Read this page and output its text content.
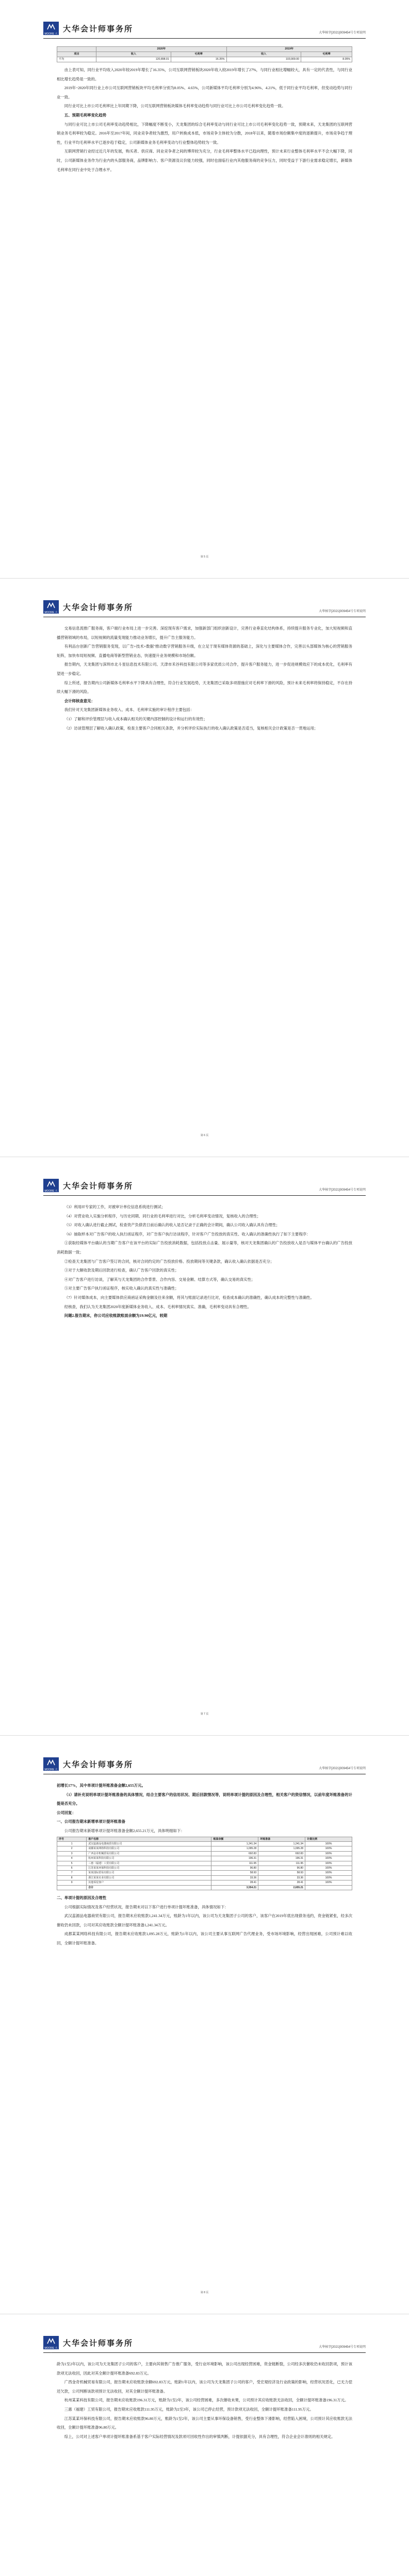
MOORE 大华
大华会计师事务所	大华核字[2021]009454号专项说明
	2020年		2019年	
项目	收入	毛利率	收入	毛利率
平均	120,898.01	16.35%	103,909.00	8.05%

由上表可知，同行业平均收入2020年较2019年增长了16.35%，公司互联网营销板块2020年收入较2019年增长了27%，与同行业相比增幅较大，具有一定的代表性，与同行业相比增长趋势是一致的。

2019年~2020年同行业上市公司互联网营销板块平均毛利率分别为8.05%、4.65%，公司新媒体平均毛利率分别为4.96%、4.21%，低于同行业平均毛利率，但变动趋势与同行业一致。

同行业可比上市公司毛利率比上年同期下降，公司互联网营销板块媒体毛利率变动趋势与同行业可比上市公司毛利率变化趋势一致。

五、预期毛利率变化趋势

与同行业可比上市公司毛利率变动趋势相比，下降幅度不断变小，天龙集团的综合毛利率变动与同行业可比上市公司毛利率变化趋势一致，预期未来，天龙集团的互联网营销业务毛利率较为稳定。2016年至2017年间，同业竞争者较为激烈，用户转换成本低，市场竞争主体较为分散，2018年以来，随着市场份额集中度的逐渐提升，市场竞争趋于理性，行业平均毛利率水平已逐步趋于稳定，公司新媒体业务毛利率变动与行业整体趋势较为一致。

互联网营销行业经过近几年的发展，购买者、供应商、同业竞争者之间的博弈较为充分，行业毛利率整体水平已趋向理性，预计未来行业整体毛利率水平不会大幅下降，同时，公司新媒体业务作为行业内的头部服务商，品牌影响力、客户资源及议价能力较强，同时也面临行业内其他服务商的竞争压力，同时受益于下游行业需求稳定增长，新媒体毛利率在同行业中处于合理水平。

第 5 页
MOORE 大华
大华会计师事务所	大华核字[2021]009454号专项说明

交易信息流推广服务商，客户端行业布局上进一步完善。深挖现有客户需求，加强新部门组织创新设计，完善行业垂直化结构体系，持续提升服务专业化，加大短视频和直播营销领域的布局，以短视频的流量变现能力推动业务增长，提升广告主服务能力。

有利品台创新广告营销服务变现，以广告+技术+数据"推动数字营销服务升级，在立足于现有媒体资源的基础上，深化与主要媒体合作，完善以头部媒体为核心的营销服务矩阵，加快布局短视频、直播电商等新型营销业态，快速提升业务规模和市场份额。

报告期内，天龙集团与深圳市北斗星信息技术有限公司、天津市禾谷科技有限公司等多家优质公司合作，提升客户服务能力，进一步促进规模效应下的成本优化，毛利率有望进一步稳定。

综上所述，报告期内公司新媒体毛利率水平下降具有合理性，符合行业发展趋势，天龙集团已采取多项措施应对毛利率下滑的风险，预计未来毛利率将保持稳定，不存在持续大幅下滑的风险。

会计师核查意见：

我们针对天龙集团新媒体业务收入、成本、毛利率实施的审计程序主要包括：

（1）了解和评价管理层与收入成本确认相关的关键内部控制的设计和运行的有效性；

（2）访谈管理层了解收入确认政策，检查主要客户合同相关条款，并分析评价实际执行的收入确认政策是否适当，复核相关会计政策是否一贯地运用；

第 6 页
MOORE 大华
大华会计师事务所	大华核字[2021]009454号专项说明

（3）利用IT专家的工作，对被审计单位信息系统进行测试；

（4）对营业收入实施分析程序，与历史同期、同行业的毛利率进行对比，分析毛利率变动情况，复核收入的合理性；

（5）对收入确认进行截止测试，检查资产负债表日前后确认的收入是否记录于正确的会计期间，确认公司收入确认具有合理性；

（6）抽取样本对广告客户的收入执行函证程序，对广告客户执行访谈程序，针对客户广告投放的真实性、收入确认的准确性执行了如下主要程序：

①获取经媒体平台确认的当期广告客户在该平台的实际广告投放消耗数据，包括投放点击量、展示量等，核对天龙集团确认的广告投放收入是否与媒体平台确认的广告投放消耗数据一致；

②检查天龙集团与广告客户签订的合同，核对合同约定的广告投放价格、投放期间等关键条款，确认收入确认依据是否充分；

③对于大额收款及期后回款进行检查，确认广告客户回款的真实性；

④对广告客户进行访谈，了解其与天龙集团的合作背景、合作内容、交易金额、结算方式等，确认交易的真实性；

⑤对主要广告客户执行函证程序，核实收入确认的真实性与准确性；

（7）针对媒体成本，向主要媒体供应商函证采购金额及往来余额，将其与账面记录进行比对，检查成本确认的准确性，确认成本的完整性与准确性。

经核查，我们认为天龙集团2020年度新媒体业务收入、成本、毛利率情况真实、准确，毛利率变动具有合理性。

问题2.报告期末，你公司应收账款账面余额为19.90亿元，较期

第 7 页
MOORE 大华
大华会计师事务所	大华核字[2021]009454号专项说明

初增长17%，其中单项计提坏账准备金额2,655万元。

（1）请补充说明单项计提坏账准备的具体情况，结合主要客户的信用状况、期后回款情况等，说明单项计提的原因及合理性，相关客户的资信情况，以前年度坏账准备的计提是否充分。

公司回复：

一、公司报告期末新增单项计提坏账准备

公司报告期末新增单项计提坏账准备金额2,655.21万元，具体明细如下：

序号	客户名称	账面余额	坏账准备	计提比例
1	武汉蕊源品电器商贸有限公司	1,241.34	1,241.34	100%
2	成都某某网络科技有限公司	1,095.28	1,095.28	100%
3	广西金奇机械贸易有限公司	692.83	692.83	100%
4	杭州某某科技有限公司	196.31	196.31	100%
5	三惠（福建）工贸有限公司	111.95	111.95	100%
6	江苏某某环保科技有限公司	96.80	96.80	100%
7	某某国际贸易有限公司	58.93	58.93	100%
8	浙江某某实业有限公司	33.36	33.36	100%
9	其他零星客户	28.41	28.41	100%
	合计	3,554.21	2,655.21	

二、单项计提的原因及合理性

公司根据实际情况及客户经营状况，报告期末对以下客户进行单项计提坏账准备，具体情况如下：

武汉蕊源品电器商贸有限公司，报告期末应收账款1,241.34万元，账龄为1年以内，该公司为天龙集团子公司的客户，该客户在2019年底出现债务违约，资金链紧张，经多次催收仍未回款，公司对其应收账款全额计提坏账准备1,241.34万元。

成都某某网络科技有限公司，报告期末应收账款1,095.28万元，账龄为1年以内，该公司主要从事互联网广告代理业务，受市场环境影响，经营出现困难，公司预计难以收回，全额计提坏账准备。

第 8 页
MOORE 大华
大华会计师事务所	大华核字[2021]009454号专项说明

龄为1至2年以内，该公司为天龙集团子公司的客户，主要向其销售广告推广服务，受行业环境影响，该公司出现经营困难，资金链断裂，公司经多次催收仍未收回款项，预计该款项无法收回，因此对其全额计提坏账准备692.83万元。

广西金奇机械贸易有限公司，报告期末应收账款余额692.83万元，账龄1年以内，该公司为天龙集团子公司的客户，受宏观经济及行业政策的影响，经营状况恶化，已无力偿还欠款，公司判断该款项预计无法收回，对其全额计提坏账准备。

杭州某某科技有限公司，报告期末应收账款196.31万元，账龄为1至2年，该公司经营困难，多次催收未果，公司预计其应收账款无法收回，全额计提坏账准备196.31万元。

三惠（福建）工贸有限公司，报告期末应收账款111.95万元，账龄为2至3年，该公司已停止经营，预计款项无法收回，全额计提坏账准备111.95万元。

江苏某某环保科技有限公司，报告期末应收账款96.80万元，账龄为1至2年，该公司主要从事环保设备销售，受行业整体下滑影响，经营陷入困境，公司预计其应收账款无法收回，全额计提坏账准备96.80万元。

综上，公司对上述客户单项计提坏账准备系基于客户实际经营情况及款项可回收性作出的审慎判断，计提依据充分，具有合理性，符合企业会计准则的相关规定。
